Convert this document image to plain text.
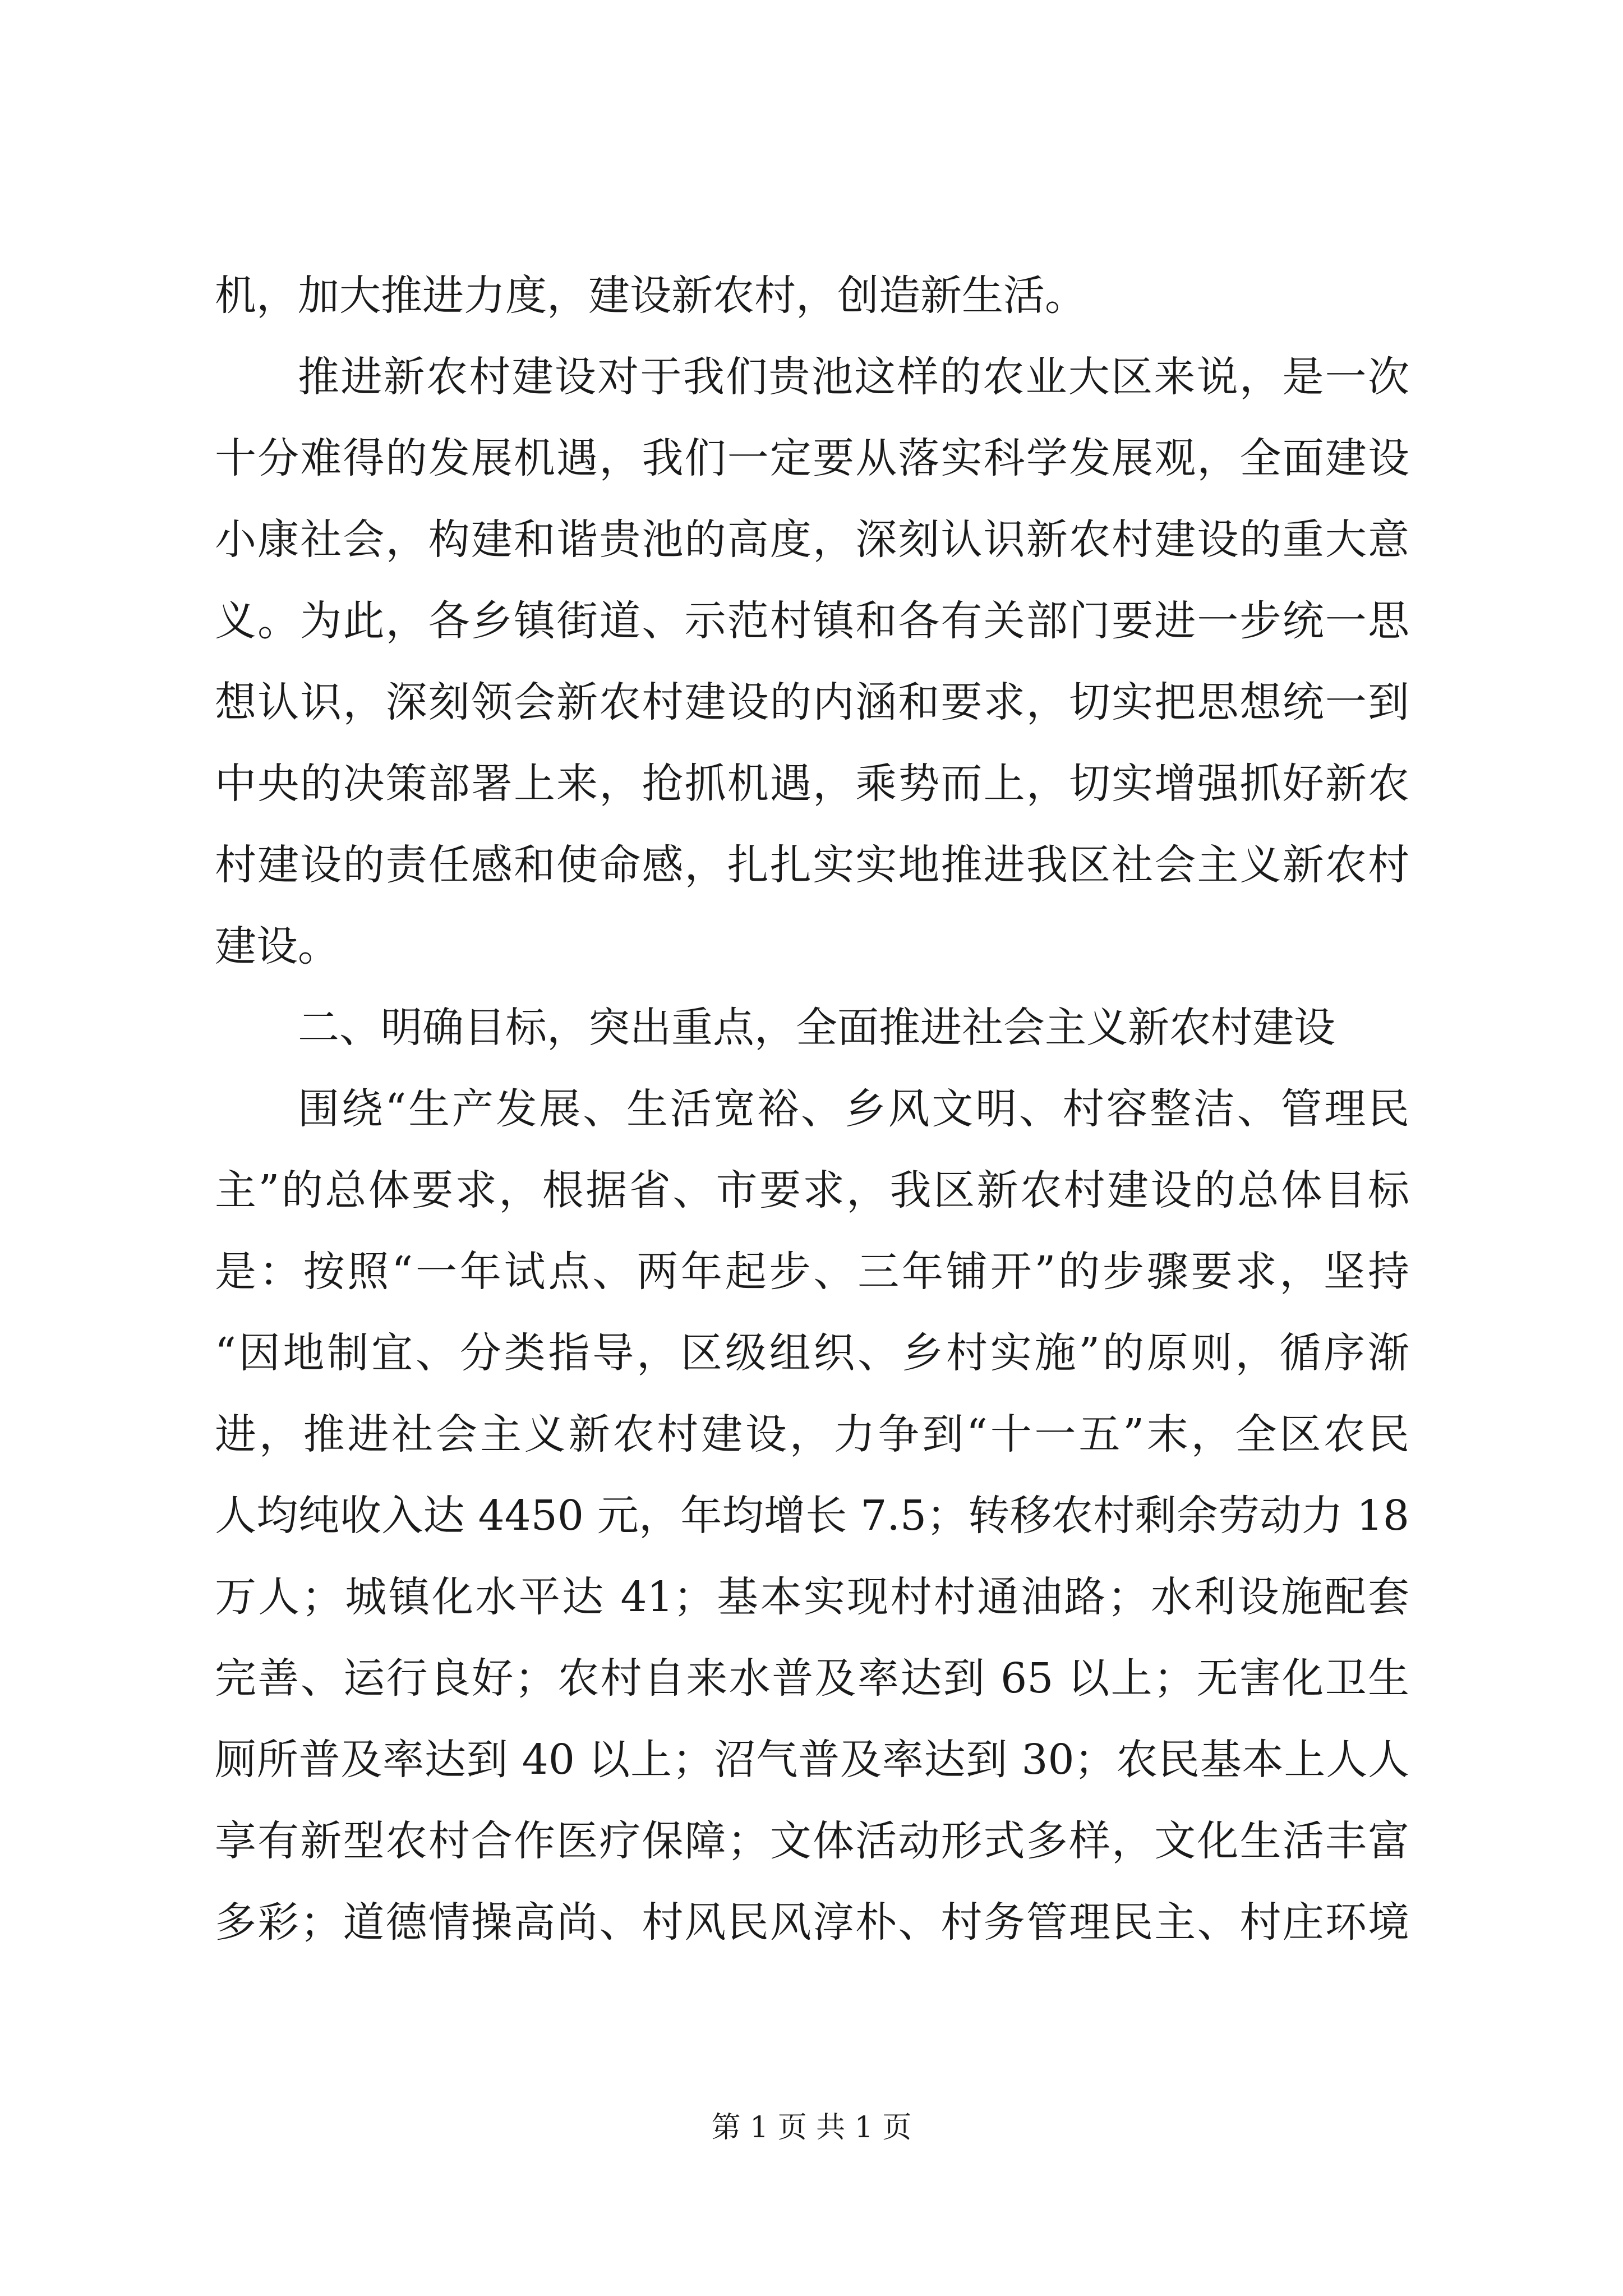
机，加大推进力度，建设新农村，创造新生活。
推进新农村建设对于我们贵池这样的农业大区来说，是一次
十分难得的发展机遇，我们一定要从落实科学发展观，全面建设
小康社会，构建和谐贵池的高度，深刻认识新农村建设的重大意
义。为此，各乡镇街道、示范村镇和各有关部门要进一步统一思
想认识，深刻领会新农村建设的内涵和要求，切实把思想统一到
中央的决策部署上来，抢抓机遇，乘势而上，切实增强抓好新农
村建设的责任感和使命感，扎扎实实地推进我区社会主义新农村
建设。
二、明确目标，突出重点，全面推进社会主义新农村建设
围绕“生产发展、生活宽裕、乡风文明、村容整洁、管理民
主”的总体要求，根据省、市要求，我区新农村建设的总体目标
是：按照“一年试点、两年起步、三年铺开”的步骤要求，坚持
“因地制宜、分类指导，区级组织、乡村实施”的原则，循序渐
进，推进社会主义新农村建设，力争到“十一五”末，全区农民
人均纯收入达 4450 元，年均增长 7.5；转移农村剩余劳动力 18
万人；城镇化水平达 41；基本实现村村通油路；水利设施配套
完善、运行良好；农村自来水普及率达到 65 以上；无害化卫生
厕所普及率达到 40 以上；沼气普及率达到 30；农民基本上人人
享有新型农村合作医疗保障；文体活动形式多样，文化生活丰富
多彩；道德情操高尚、村风民风淳朴、村务管理民主、村庄环境
第 1 页 共 1 页
